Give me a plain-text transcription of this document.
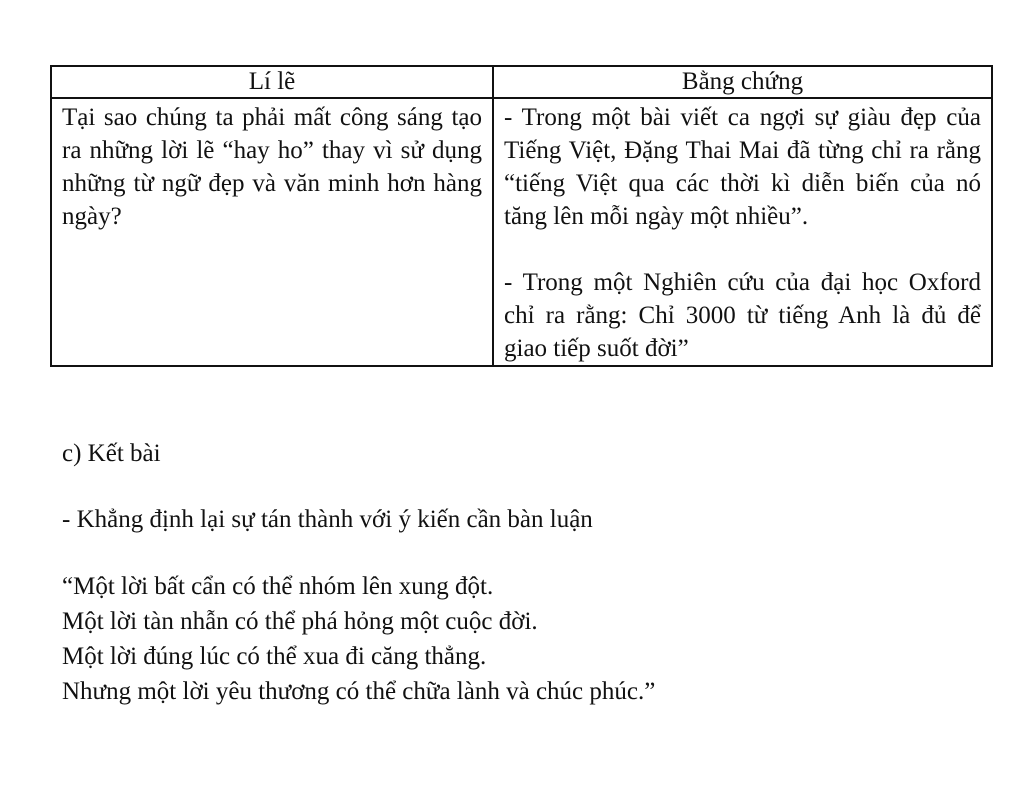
Lí lẽ	Bằng chứng

Tại sao chúng ta phải mất công sáng tạo ra những lời lẽ “hay ho” thay vì sử dụng những từ ngữ đẹp và văn minh hơn hàng ngày?	- Trong một bài viết ca ngợi sự giàu đẹp của Tiếng Việt, Đặng Thai Mai đã từng chỉ ra rằng “tiếng Việt qua các thời kì diễn biến của nó tăng lên mỗi ngày một nhiều”.

- Trong một Nghiên cứu của đại học Oxford chỉ ra rằng: Chỉ 3000 từ tiếng Anh là đủ để giao tiếp suốt đời”

c) Kết bài

- Khẳng định lại sự tán thành với ý kiến cần bàn luận

“Một lời bất cẩn có thể nhóm lên xung đột.
Một lời tàn nhẫn có thể phá hỏng một cuộc đời.
Một lời đúng lúc có thể xua đi căng thẳng.
Nhưng một lời yêu thương có thể chữa lành và chúc phúc.”
